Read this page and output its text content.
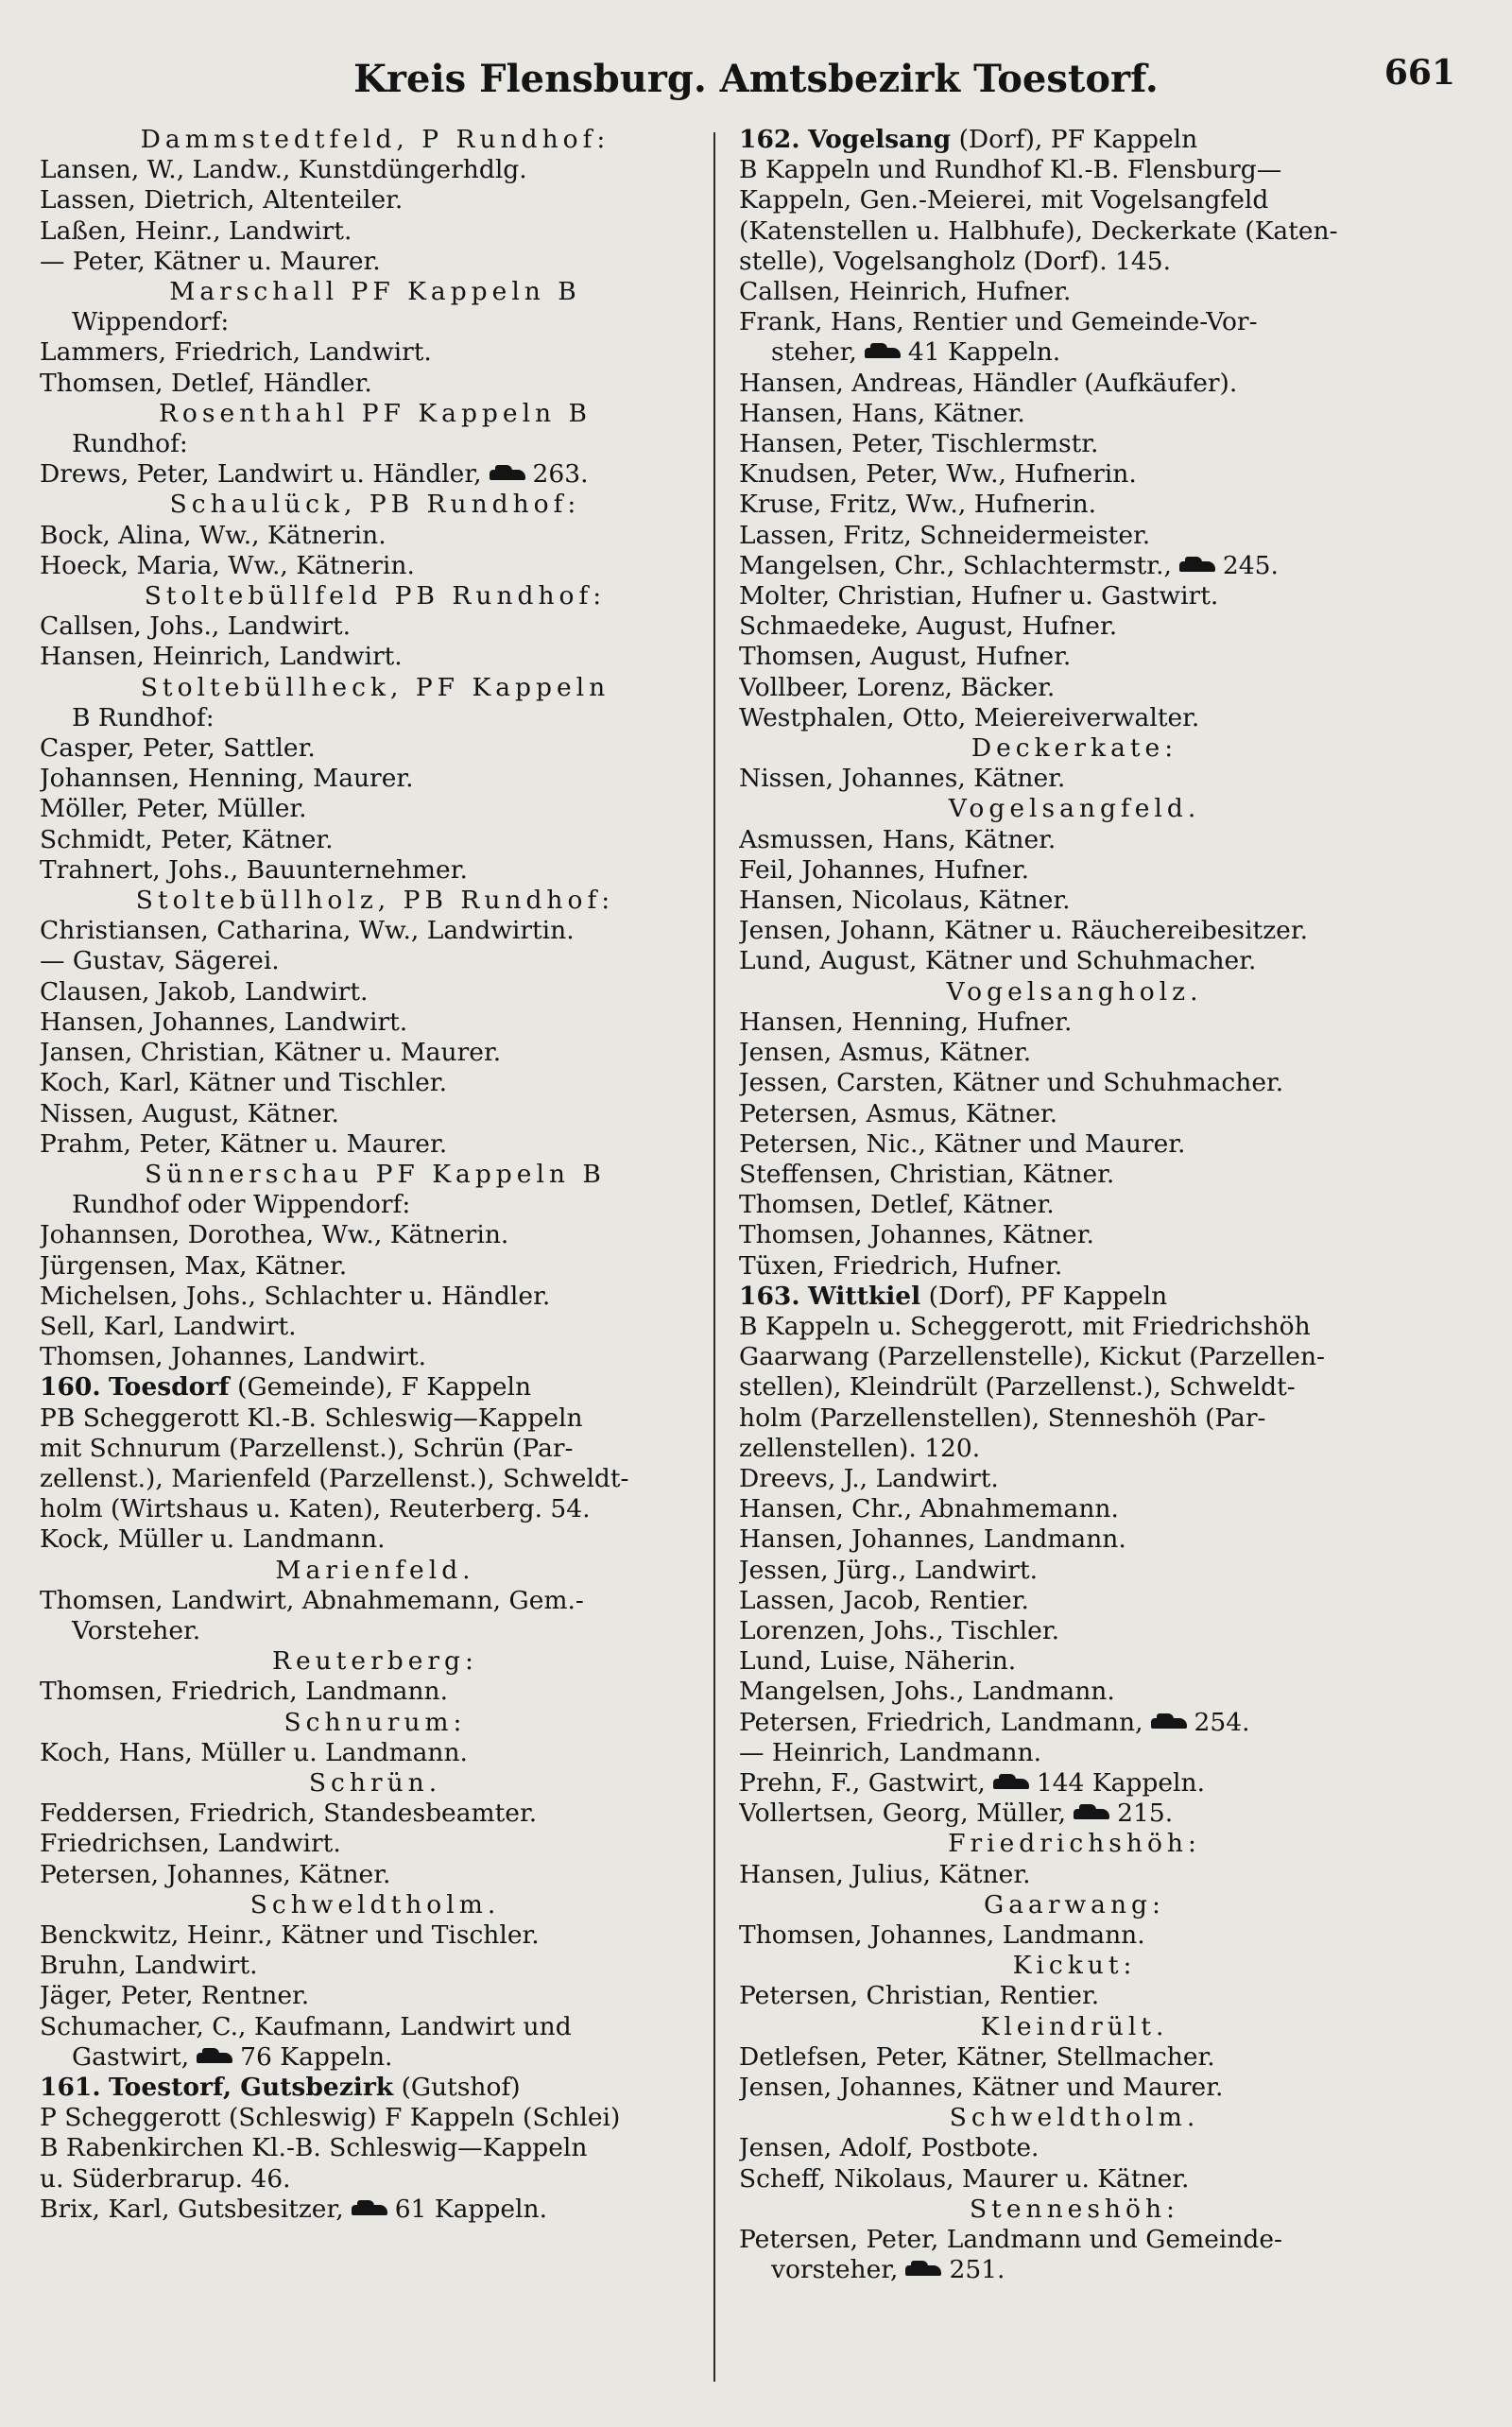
Kreis Flensburg. Amtsbezirk Toestorf.	661
Dammstedtfeld, P Rundhof:
Lansen, W., Landw., Kunstdüngerhdlg.
Lassen, Dietrich, Altenteiler.
Laßen, Heinr., Landwirt.
— Peter, Kätner u. Maurer.
Marschall PF Kappeln B
Wippendorf:
Lammers, Friedrich, Landwirt.
Thomsen, Detlef, Händler.
Rosenthahl PF Kappeln B
Rundhof:
Drews, Peter, Landwirt u. Händler, 263.
Schaulück, PB Rundhof:
Bock, Alina, Ww., Kätnerin.
Hoeck, Maria, Ww., Kätnerin.
Stoltebüllfeld PB Rundhof:
Callsen, Johs., Landwirt.
Hansen, Heinrich, Landwirt.
Stoltebüllheck, PF Kappeln
B Rundhof:
Casper, Peter, Sattler.
Johannsen, Henning, Maurer.
Möller, Peter, Müller.
Schmidt, Peter, Kätner.
Trahnert, Johs., Bauunternehmer.
Stoltebüllholz, PB Rundhof:
Christiansen, Catharina, Ww., Landwirtin.
— Gustav, Sägerei.
Clausen, Jakob, Landwirt.
Hansen, Johannes, Landwirt.
Jansen, Christian, Kätner u. Maurer.
Koch, Karl, Kätner und Tischler.
Nissen, August, Kätner.
Prahm, Peter, Kätner u. Maurer.
Sünnerschau PF Kappeln B
Rundhof oder Wippendorf:
Johannsen, Dorothea, Ww., Kätnerin.
Jürgensen, Max, Kätner.
Michelsen, Johs., Schlachter u. Händler.
Sell, Karl, Landwirt.
Thomsen, Johannes, Landwirt.
160. Toesdorf (Gemeinde), F Kappeln
PB Scheggerott Kl.-B. Schleswig—Kappeln
mit Schnurum (Parzellenst.), Schrün (Par-
zellenst.), Marienfeld (Parzellenst.), Schweldt-
holm (Wirtshaus u. Katen), Reuterberg. 54.
Kock, Müller u. Landmann.
Marienfeld.
Thomsen, Landwirt, Abnahmemann, Gem.-
Vorsteher.
Reuterberg:
Thomsen, Friedrich, Landmann.
Schnurum:
Koch, Hans, Müller u. Landmann.
Schrün.
Feddersen, Friedrich, Standesbeamter.
Friedrichsen, Landwirt.
Petersen, Johannes, Kätner.
Schweldtholm.
Benckwitz, Heinr., Kätner und Tischler.
Bruhn, Landwirt.
Jäger, Peter, Rentner.
Schumacher, C., Kaufmann, Landwirt und
Gastwirt, 76 Kappeln.
161. Toestorf, Gutsbezirk (Gutshof)
P Scheggerott (Schleswig) F Kappeln (Schlei)
B Rabenkirchen Kl.-B. Schleswig—Kappeln
u. Süderbrarup. 46.
Brix, Karl, Gutsbesitzer, 61 Kappeln.
162. Vogelsang (Dorf), PF Kappeln
B Kappeln und Rundhof Kl.-B. Flensburg—
Kappeln, Gen.-Meierei, mit Vogelsangfeld
(Katenstellen u. Halbhufe), Deckerkate (Katen-
stelle), Vogelsangholz (Dorf). 145.
Callsen, Heinrich, Hufner.
Frank, Hans, Rentier und Gemeinde-Vor-
steher, 41 Kappeln.
Hansen, Andreas, Händler (Aufkäufer).
Hansen, Hans, Kätner.
Hansen, Peter, Tischlermstr.
Knudsen, Peter, Ww., Hufnerin.
Kruse, Fritz, Ww., Hufnerin.
Lassen, Fritz, Schneidermeister.
Mangelsen, Chr., Schlachtermstr., 245.
Molter, Christian, Hufner u. Gastwirt.
Schmaedeke, August, Hufner.
Thomsen, August, Hufner.
Vollbeer, Lorenz, Bäcker.
Westphalen, Otto, Meiereiverwalter.
Deckerkate:
Nissen, Johannes, Kätner.
Vogelsangfeld.
Asmussen, Hans, Kätner.
Feil, Johannes, Hufner.
Hansen, Nicolaus, Kätner.
Jensen, Johann, Kätner u. Räuchereibesitzer.
Lund, August, Kätner und Schuhmacher.
Vogelsangholz.
Hansen, Henning, Hufner.
Jensen, Asmus, Kätner.
Jessen, Carsten, Kätner und Schuhmacher.
Petersen, Asmus, Kätner.
Petersen, Nic., Kätner und Maurer.
Steffensen, Christian, Kätner.
Thomsen, Detlef, Kätner.
Thomsen, Johannes, Kätner.
Tüxen, Friedrich, Hufner.
163. Wittkiel (Dorf), PF Kappeln
B Kappeln u. Scheggerott, mit Friedrichshöh
Gaarwang (Parzellenstelle), Kickut (Parzellen-
stellen), Kleindrült (Parzellenst.), Schweldt-
holm (Parzellenstellen), Stenneshöh (Par-
zellenstellen). 120.
Dreevs, J., Landwirt.
Hansen, Chr., Abnahmemann.
Hansen, Johannes, Landmann.
Jessen, Jürg., Landwirt.
Lassen, Jacob, Rentier.
Lorenzen, Johs., Tischler.
Lund, Luise, Näherin.
Mangelsen, Johs., Landmann.
Petersen, Friedrich, Landmann, 254.
— Heinrich, Landmann.
Prehn, F., Gastwirt, 144 Kappeln.
Vollertsen, Georg, Müller, 215.
Friedrichshöh:
Hansen, Julius, Kätner.
Gaarwang:
Thomsen, Johannes, Landmann.
Kickut:
Petersen, Christian, Rentier.
Kleindrült.
Detlefsen, Peter, Kätner, Stellmacher.
Jensen, Johannes, Kätner und Maurer.
Schweldtholm.
Jensen, Adolf, Postbote.
Scheff, Nikolaus, Maurer u. Kätner.
Stenneshöh:
Petersen, Peter, Landmann und Gemeinde-
vorsteher, 251.
